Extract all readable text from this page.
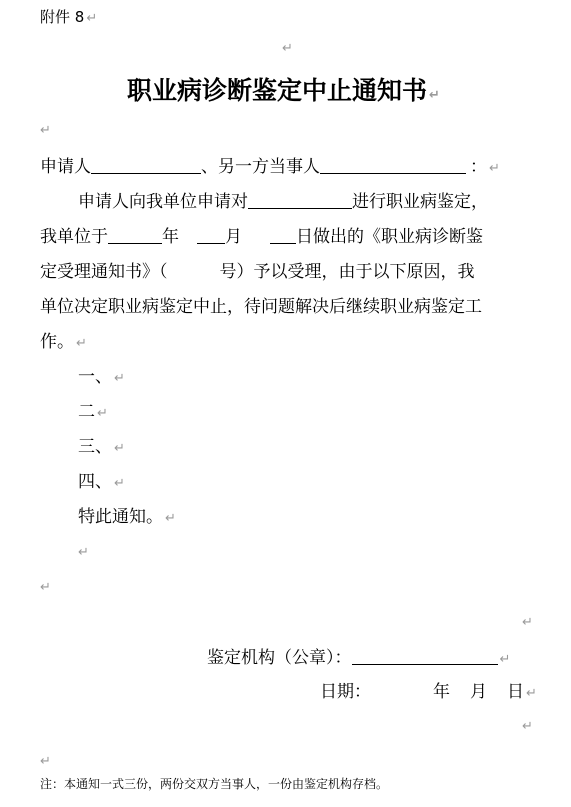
附件 8 ↵
↵
职业病诊断鉴定中止通知书 ↵
↵
申请人	、另一方当事人	： ↵
申请人向我单位申请对	进行职业病鉴定，
我单位于	年	月	日做出的《职业病诊断鉴
定受理通知书》（	号）予以受理，由于以下原因，我
单位决定职业病鉴定中止，待问题解决后继续职业病鉴定工
作。 ↵
一、 ↵
二 ↵
三、 ↵
四、 ↵
特此通知。 ↵
↵
↵
↵
鉴定机构（公章）：	↵
日期：	年 月 日 ↵
↵
↵
注：本通知一式三份，两份交双方当事人，一份由鉴定机构存档。
